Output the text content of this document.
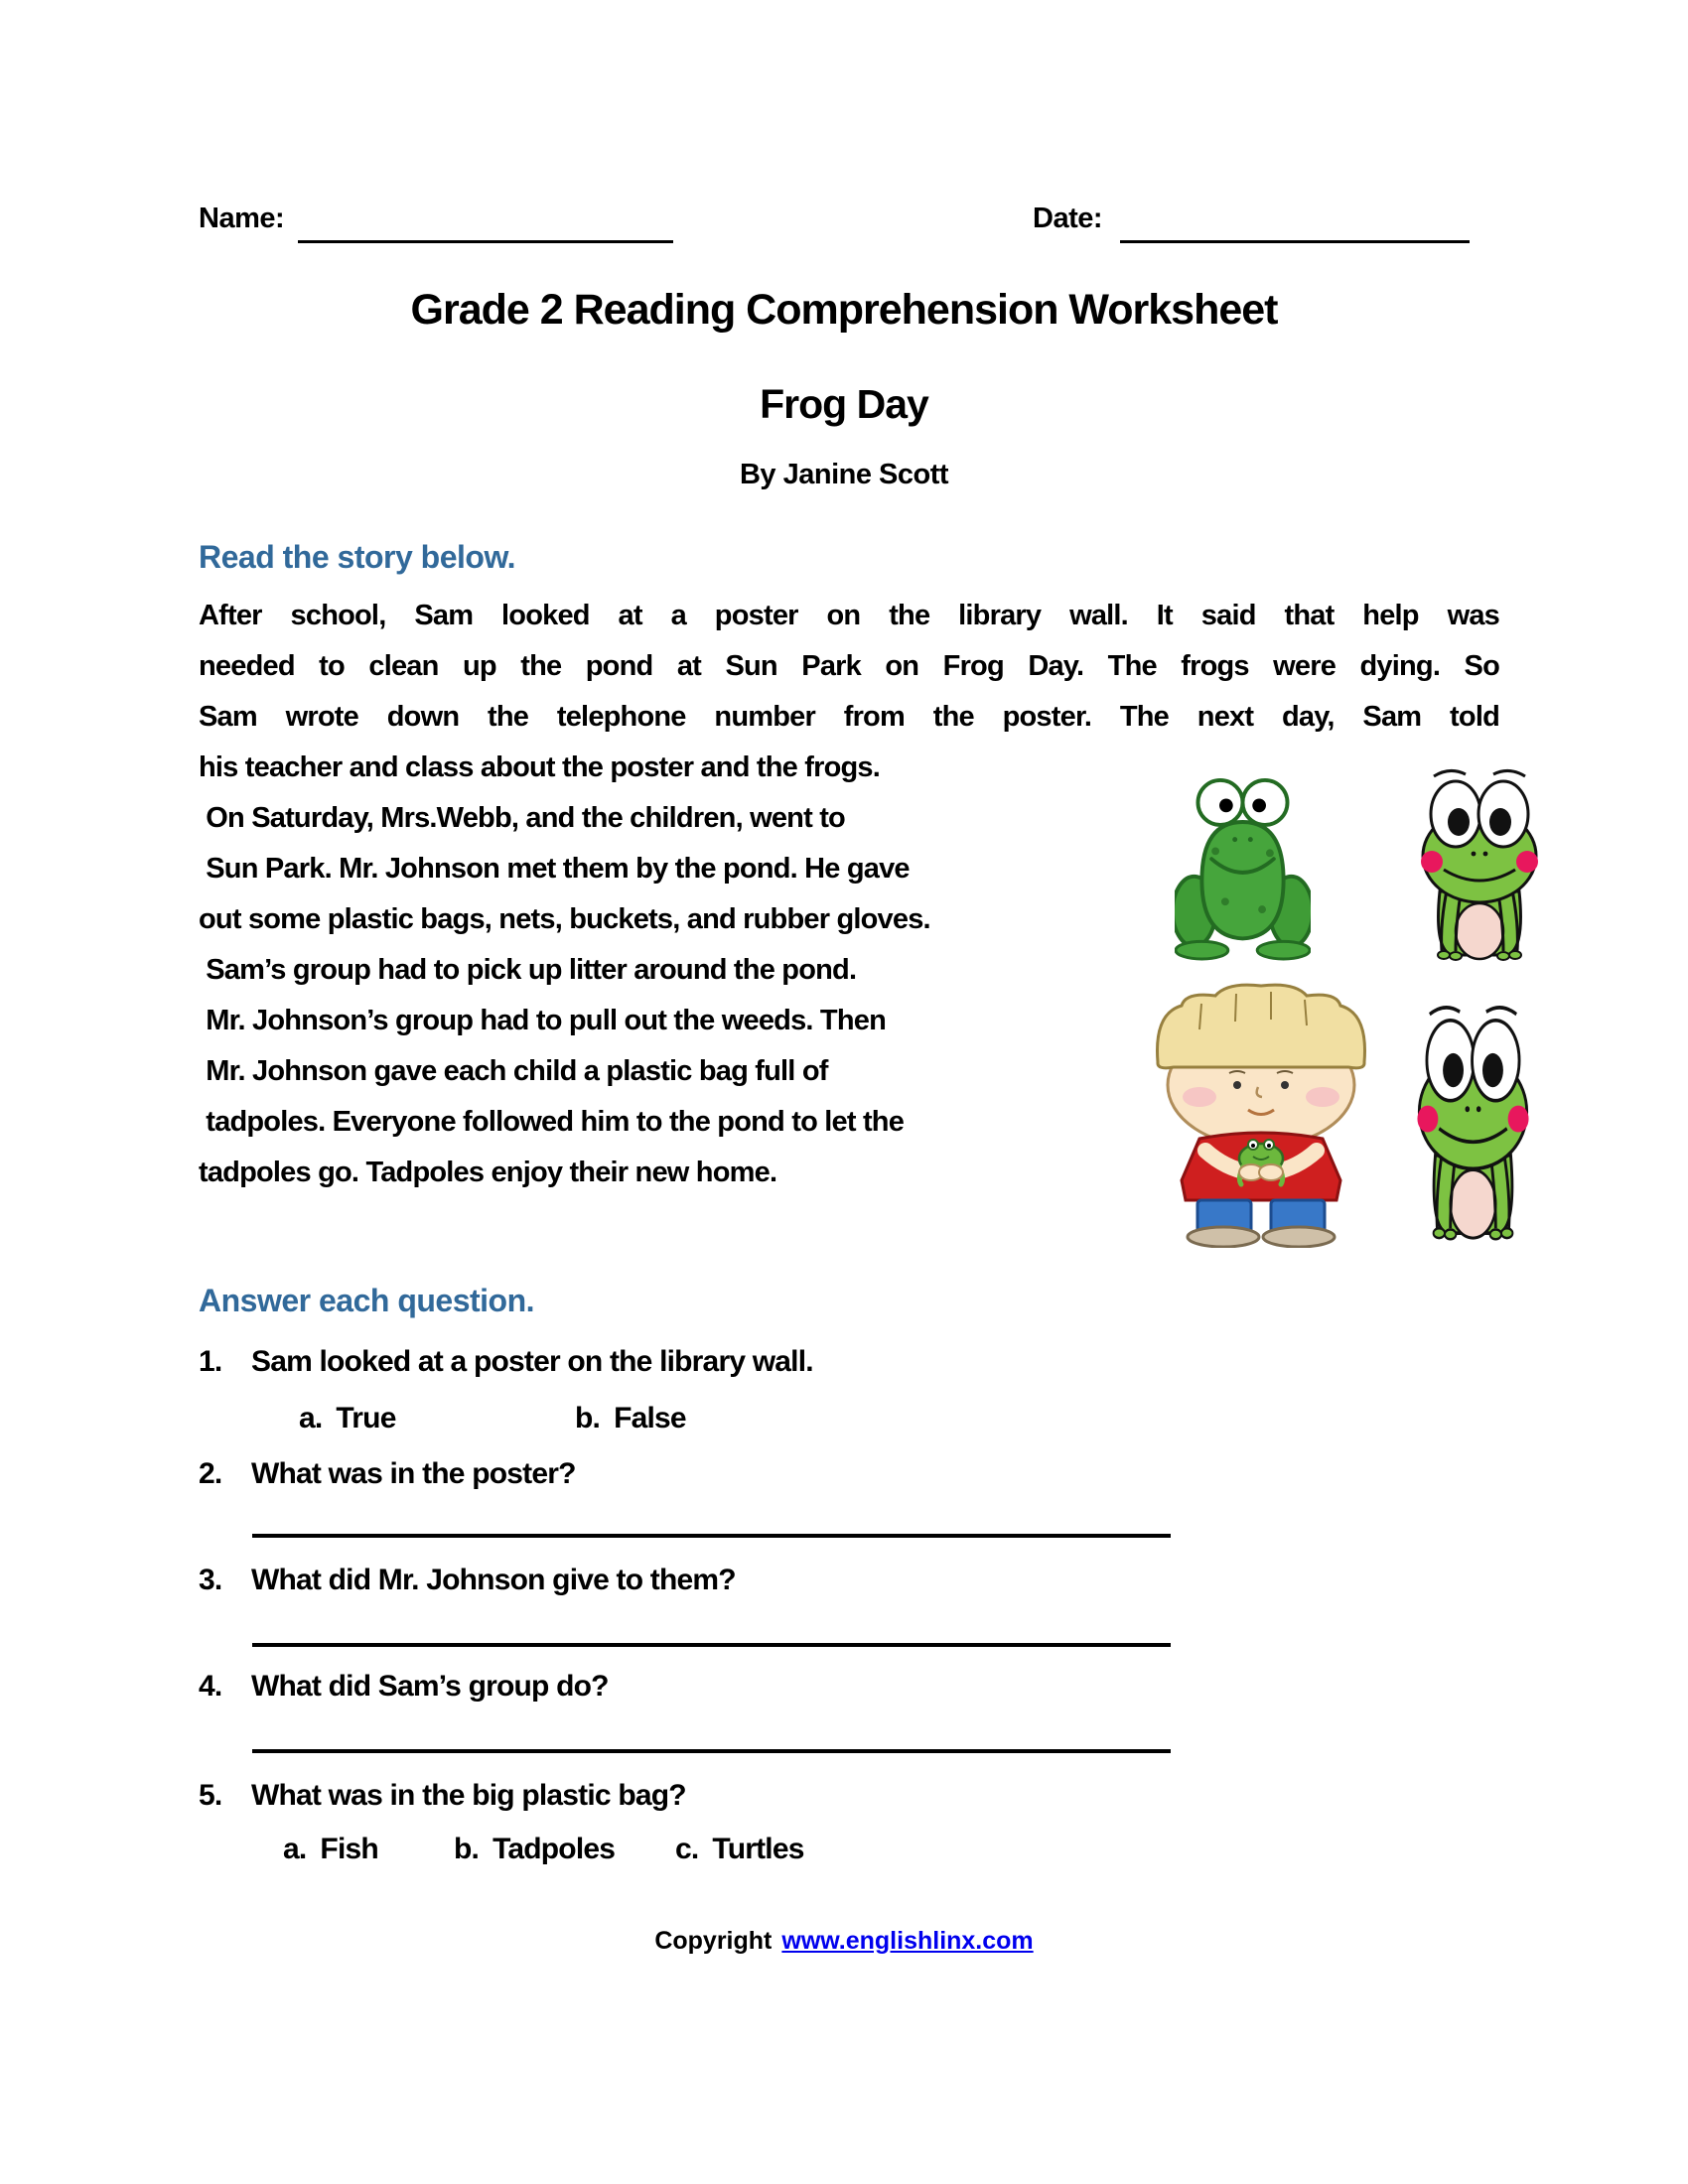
Name:	Date:
Grade 2 Reading Comprehension Worksheet
Frog Day
By Janine Scott
Read the story below.
After school, Sam looked at a poster on the library wall. It said that help was
needed to clean up the pond at Sun Park on Frog Day. The frogs were dying. So
Sam wrote down the telephone number from the poster. The next day, Sam told
his teacher and class about the poster and the frogs.
On Saturday, Mrs.Webb, and the children, went to
Sun Park. Mr. Johnson met them by the pond. He gave
out some plastic bags, nets, buckets, and rubber gloves.
Sam’s group had to pick up litter around the pond.
Mr. Johnson’s group had to pull out the weeds. Then
Mr. Johnson gave each child a plastic bag full of
tadpoles. Everyone followed him to the pond to let the
tadpoles go. Tadpoles enjoy their new home.
Answer each question.
1. Sam looked at a poster on the library wall.
a. True	b. False
2. What was in the poster?
3. What did Mr. Johnson give to them?
4. What did Sam’s group do?
5. What was in the big plastic bag?
a. Fish	b. Tadpoles c. Turtles
Copyright www.englishlinx.com
